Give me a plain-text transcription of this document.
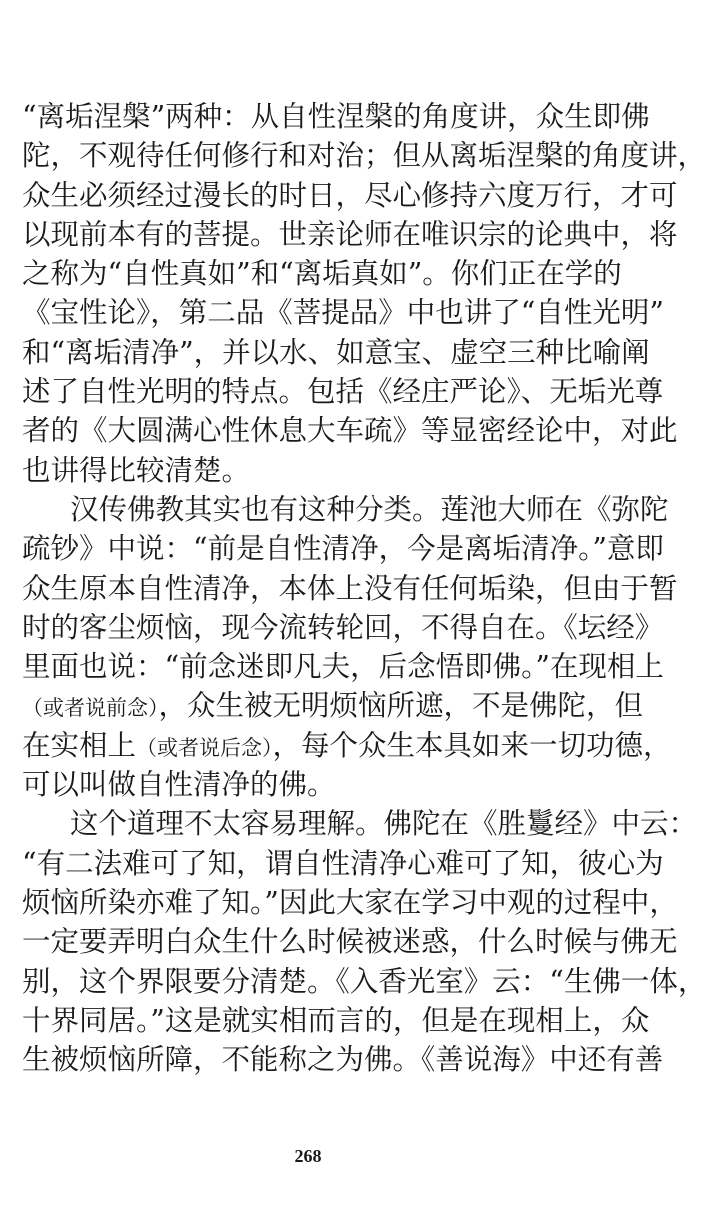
“离垢涅槃”两种：从自性涅槃的角度讲，众生即佛
陀，不观待任何修行和对治；但从离垢涅槃的角度讲，
众生必须经过漫长的时日，尽心修持六度万行，才可
以现前本有的菩提。世亲论师在唯识宗的论典中，将
之称为“自性真如”和“离垢真如”。你们正在学的
《宝性论》，第二品《菩提品》中也讲了“自性光明”
和“离垢清净”，并以水、如意宝、虚空三种比喻阐
述了自性光明的特点。包括《经庄严论》、无垢光尊
者的《大圆满心性休息大车疏》等显密经论中，对此
也讲得比较清楚。
汉传佛教其实也有这种分类。莲池大师在《弥陀
疏钞》中说：“前是自性清净，今是离垢清净。”意即
众生原本自性清净，本体上没有任何垢染，但由于暂
时的客尘烦恼，现今流转轮回，不得自在。《坛经》
里面也说：“前念迷即凡夫，后念悟即佛。”在现相上
（或者说前念），众生被无明烦恼所遮，不是佛陀，但
在实相上（或者说后念），每个众生本具如来一切功德，
可以叫做自性清净的佛。
这个道理不太容易理解。佛陀在《胜鬘经》中云：
“有二法难可了知，谓自性清净心难可了知，彼心为
烦恼所染亦难了知。”因此大家在学习中观的过程中，
一定要弄明白众生什么时候被迷惑，什么时候与佛无
别，这个界限要分清楚。《入香光室》云：“生佛一体，
十界同居。”这是就实相而言的，但是在现相上，众
生被烦恼所障，不能称之为佛。《善说海》中还有善
268
